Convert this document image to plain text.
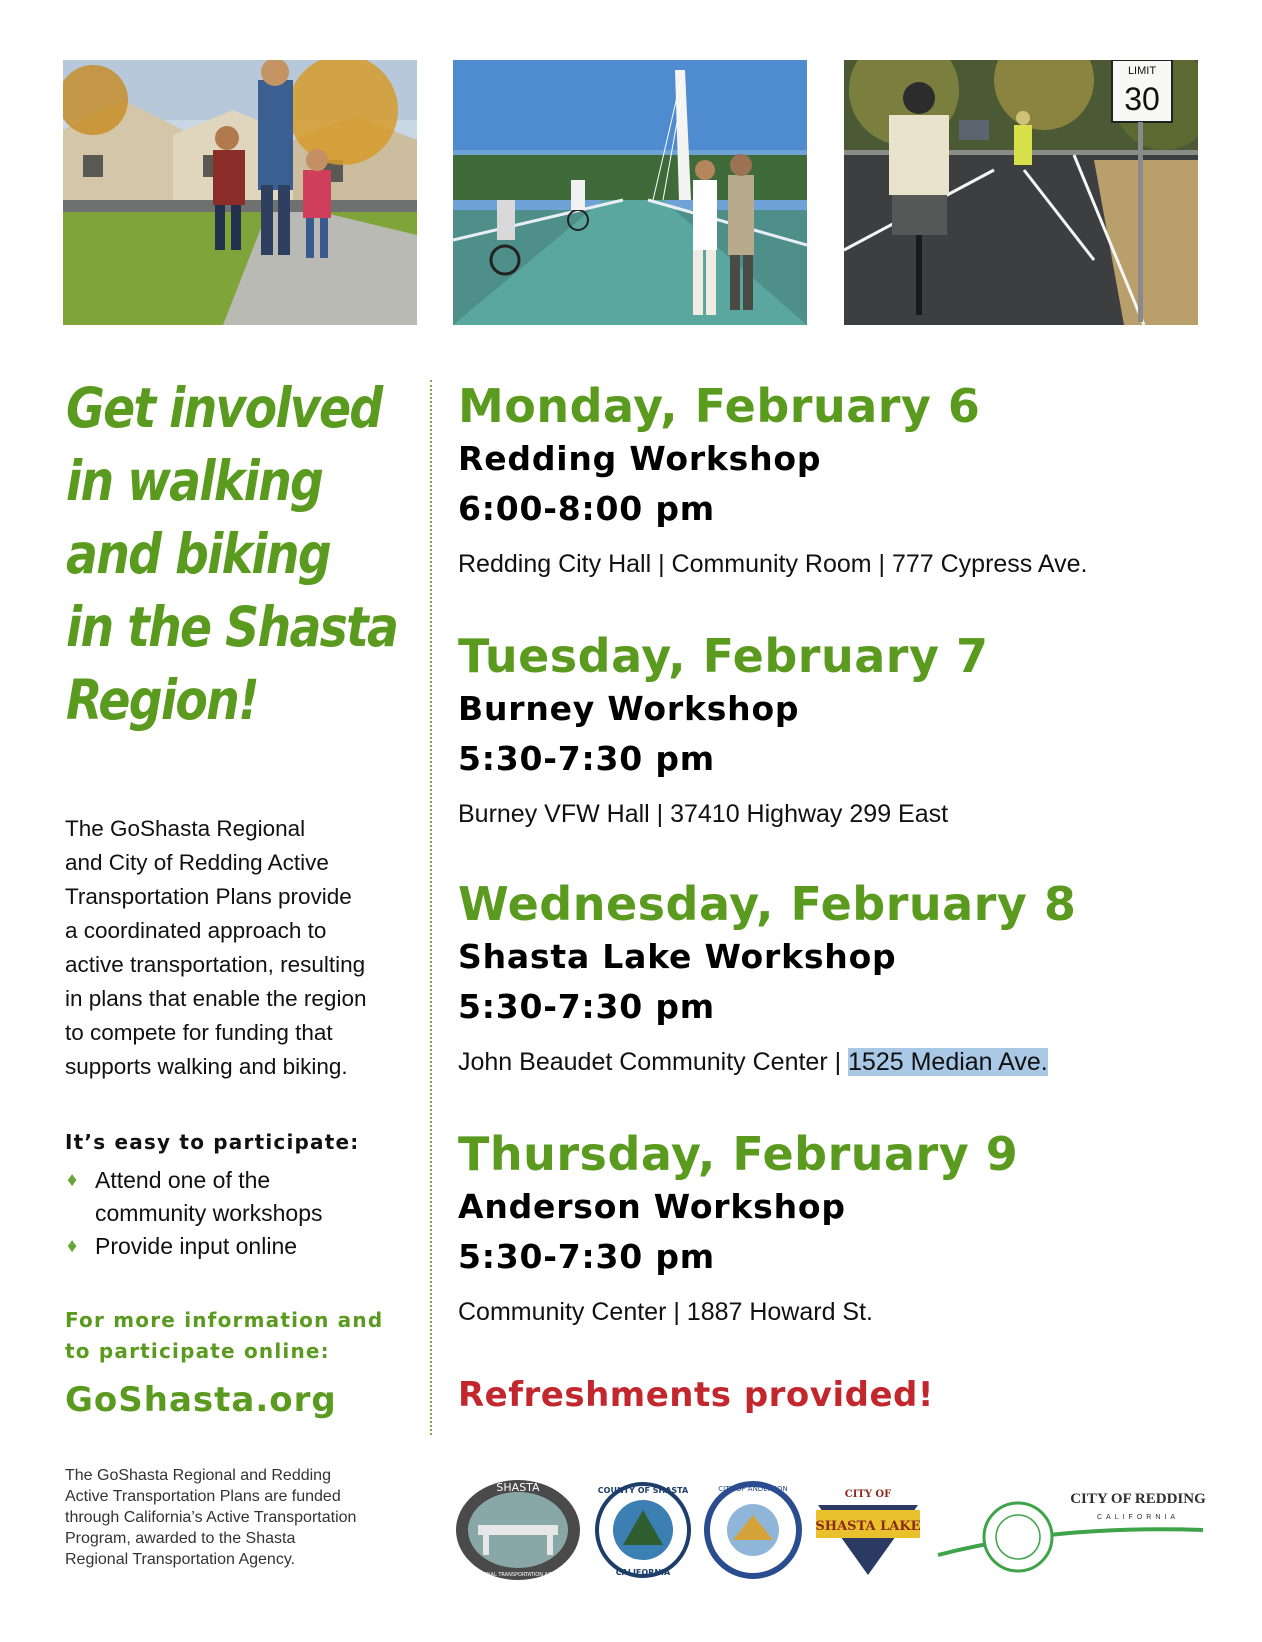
LIMIT
30
Get involved
in walking
and biking
in the Shasta
Region!
The GoShasta Regional
and City of Redding Active
Transportation Plans provide
a coordinated approach to
active transportation, resulting
in plans that enable the region
to compete for funding that
supports walking and biking.
It’s easy to participate:
♦ Attend one of the
community workshops
♦ Provide input online
For more information and
to participate online:
GoShasta.org
The GoShasta Regional and Redding
Active Transportation Plans are funded
through California’s Active Transportation
Program, awarded to the Shasta
Regional Transportation Agency.
Monday, February 6
Redding Workshop
6:00-8:00 pm
Redding City Hall | Community Room | 777 Cypress Ave.
Tuesday, February 7
Burney Workshop
5:30-7:30 pm
Burney VFW Hall | 37410 Highway 299 East
Wednesday, February 8
Shasta Lake Workshop
5:30-7:30 pm
John Beaudet Community Center | 1525 Median Ave.
Thursday, February 9
Anderson Workshop
5:30-7:30 pm
Community Center | 1887 Howard St.
Refreshments provided!
SHASTA
REGIONAL TRANSPORTATION AGENCY
COUNTY OF SHASTA
CALIFORNIA
CITY OF ANDERSON	CITY OF
SHASTA LAKE
CITY OF REDDING
CALIFORNIA
